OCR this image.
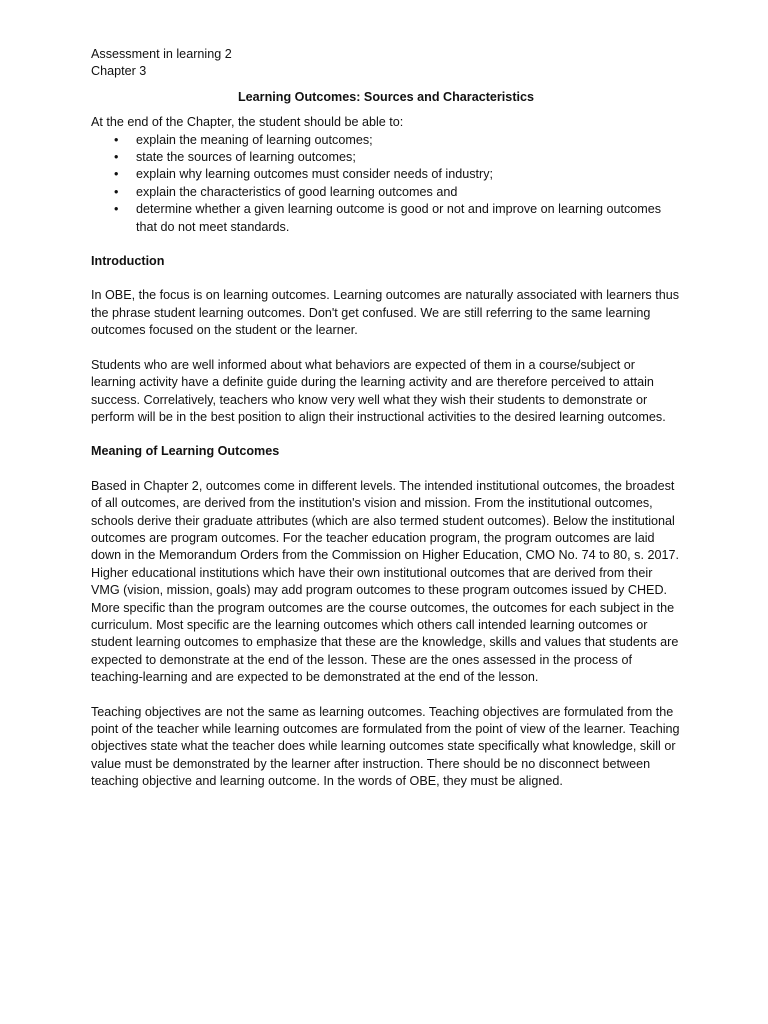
Assessment in learning 2

Chapter 3

Learning Outcomes: Sources and Characteristics

At the end of the Chapter, the student should be able to:

• explain the meaning of learning outcomes;
• state the sources of learning outcomes;
• explain why learning outcomes must consider needs of industry;
• explain the characteristics of good learning outcomes and
• determine whether a given learning outcome is good or not and improve on learning outcomes that do not meet standards.

Introduction

In OBE, the focus is on learning outcomes. Learning outcomes are naturally associated with learners thus the phrase student learning outcomes. Don't get confused. We are still referring to the same learning outcomes focused on the student or the learner.

Students who are well informed about what behaviors are expected of them in a course/subject or learning activity have a definite guide during the learning activity and are therefore perceived to attain success. Correlatively, teachers who know very well what they wish their students to demonstrate or perform will be in the best position to align their instructional activities to the desired learning outcomes.

Meaning of Learning Outcomes

Based in Chapter 2, outcomes come in different levels. The intended institutional outcomes, the broadest of all outcomes, are derived from the institution's vision and mission. From the institutional outcomes, schools derive their graduate attributes (which are also termed student outcomes). Below the institutional outcomes are program outcomes. For the teacher education program, the program outcomes are laid down in the Memorandum Orders from the Commission on Higher Education, CMO No. 74 to 80, s. 2017. Higher educational institutions which have their own institutional outcomes that are derived from their VMG (vision, mission, goals) may add program outcomes to these program outcomes issued by CHED. More specific than the program outcomes are the course outcomes, the outcomes for each subject in the curriculum. Most specific are the learning outcomes which others call intended learning outcomes or student learning outcomes to emphasize that these are the knowledge, skills and values that students are expected to demonstrate at the end of the lesson. These are the ones assessed in the process of teaching-learning and are expected to be demonstrated at the end of the lesson.

Teaching objectives are not the same as learning outcomes. Teaching objectives are formulated from the point of the teacher while learning outcomes are formulated from the point of view of the learner. Teaching objectives state what the teacher does while learning outcomes state specifically what knowledge, skill or value must be demonstrated by the learner after instruction. There should be no disconnect between teaching objective and learning outcome. In the words of OBE, they must be aligned.
